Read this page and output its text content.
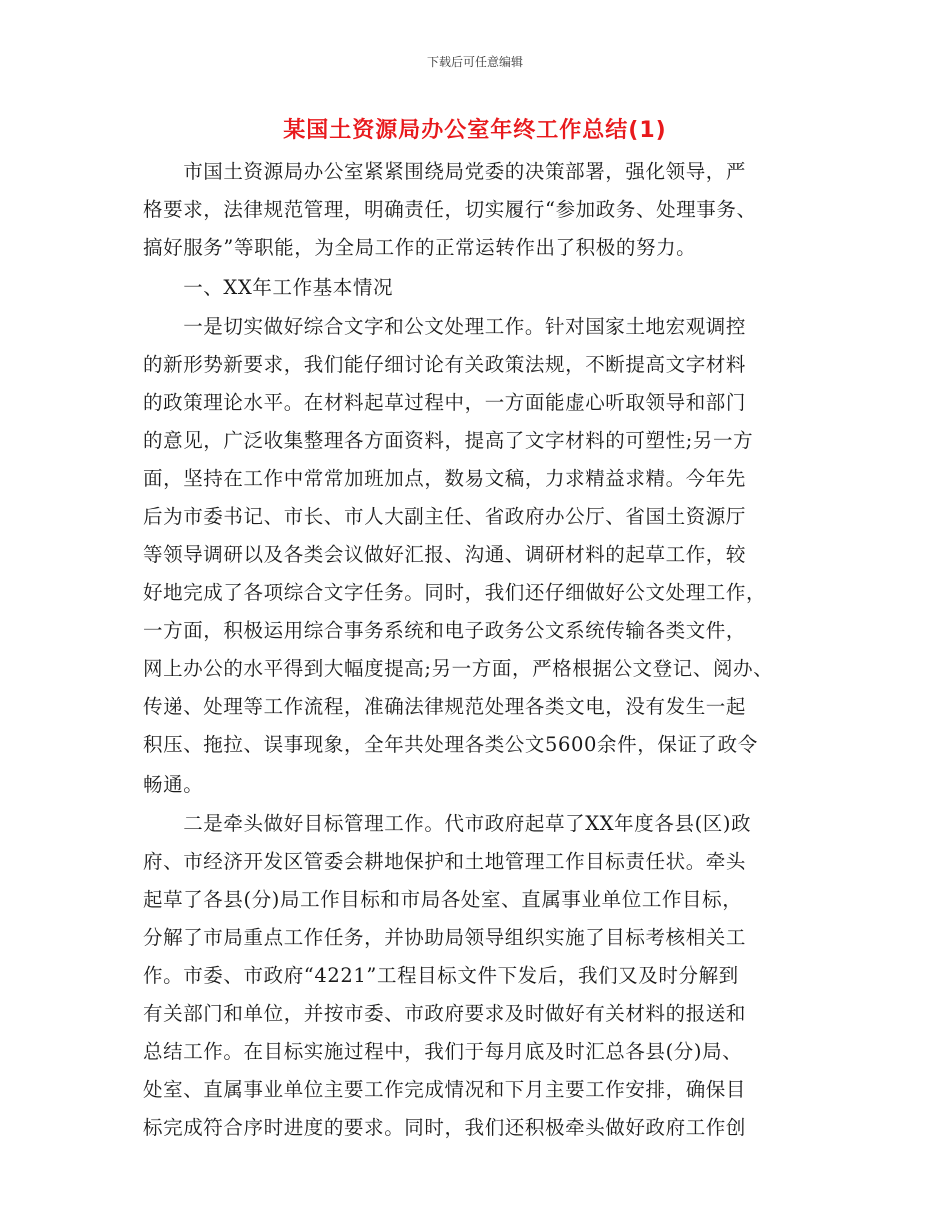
下载后可任意编辑
某国土资源局办公室年终工作总结(1)
　　市国土资源局办公室紧紧围绕局党委的决策部署，强化领导，严
格要求，法律规范管理，明确责任，切实履行“参加政务、处理事务、
搞好服务”等职能，为全局工作的正常运转作出了积极的努力。
　　一、XX年工作基本情况
　　一是切实做好综合文字和公文处理工作。针对国家土地宏观调控
的新形势新要求，我们能仔细讨论有关政策法规，不断提高文字材料
的政策理论水平。在材料起草过程中，一方面能虚心听取领导和部门
的意见，广泛收集整理各方面资料，提高了文字材料的可塑性;另一方
面，坚持在工作中常常加班加点，数易文稿，力求精益求精。今年先
后为市委书记、市长、市人大副主任、省政府办公厅、省国土资源厅
等领导调研以及各类会议做好汇报、沟通、调研材料的起草工作，较
好地完成了各项综合文字任务。同时，我们还仔细做好公文处理工作，
一方面，积极运用综合事务系统和电子政务公文系统传输各类文件，
网上办公的水平得到大幅度提高;另一方面，严格根据公文登记、阅办、
传递、处理等工作流程，准确法律规范处理各类文电，没有发生一起
积压、拖拉、误事现象，全年共处理各类公文5600余件，保证了政令
畅通。
　　二是牵头做好目标管理工作。代市政府起草了XX年度各县(区)政
府、市经济开发区管委会耕地保护和土地管理工作目标责任状。牵头
起草了各县(分)局工作目标和市局各处室、直属事业单位工作目标，
分解了市局重点工作任务，并协助局领导组织实施了目标考核相关工
作。市委、市政府“4221”工程目标文件下发后，我们又及时分解到
有关部门和单位，并按市委、市政府要求及时做好有关材料的报送和
总结工作。在目标实施过程中，我们于每月底及时汇总各县(分)局、
处室、直属事业单位主要工作完成情况和下月主要工作安排，确保目
标完成符合序时进度的要求。同时，我们还积极牵头做好政府工作创
